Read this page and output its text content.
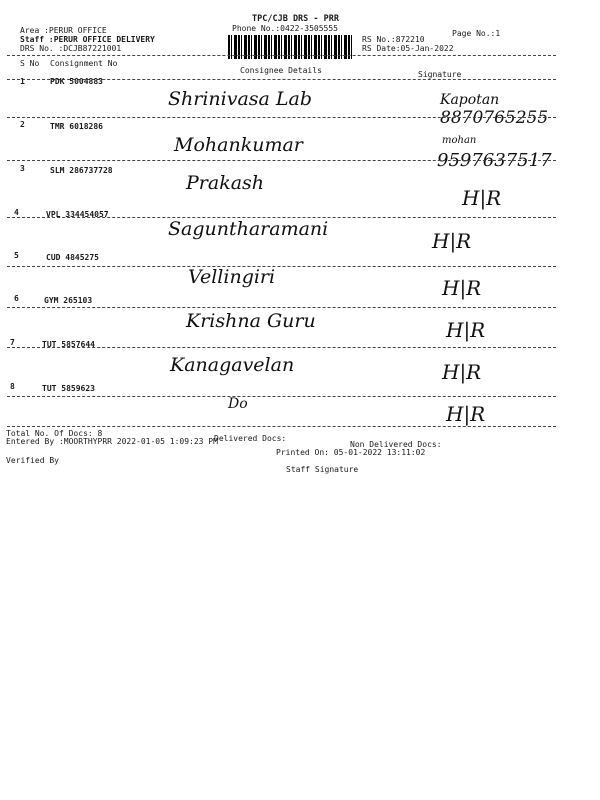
TPC/CJB DRS - PRR
Phone No.:0422-3505555
Area :PERUR OFFICE
Staff :PERUR OFFICE DELIVERY
DRS No. :DCJB87221001
RS No.:872210
RS Date:05-Jan-2022
Page No.:1
S No Consignment No
Consignee Details	Signature
1	PDK 5004883
Shrinivasa Lab	Kapotan
8870765255
2	TMR 6018286
Mohankumar	mohan
9597637517
3	SLM 286737728
Prakash
H|R
4	VPL 334454057
Saguntharamani	H|R
5	CUD 4845275
Vellingiri	H|R
6	GYM 265103
Krishna Guru	H|R
7	TUT 5857644
Kanagavelan	H|R
8	TUT 5859623
Do	H|R
Total No. Of Docs: 8
Delivered Docs:
Non Delivered Docs:
Entered By :MOORTHYPRR 2022-01-05 1:09:23 PM
Printed On: 05-01-2022 13:11:02
Verified By
Staff Signature
